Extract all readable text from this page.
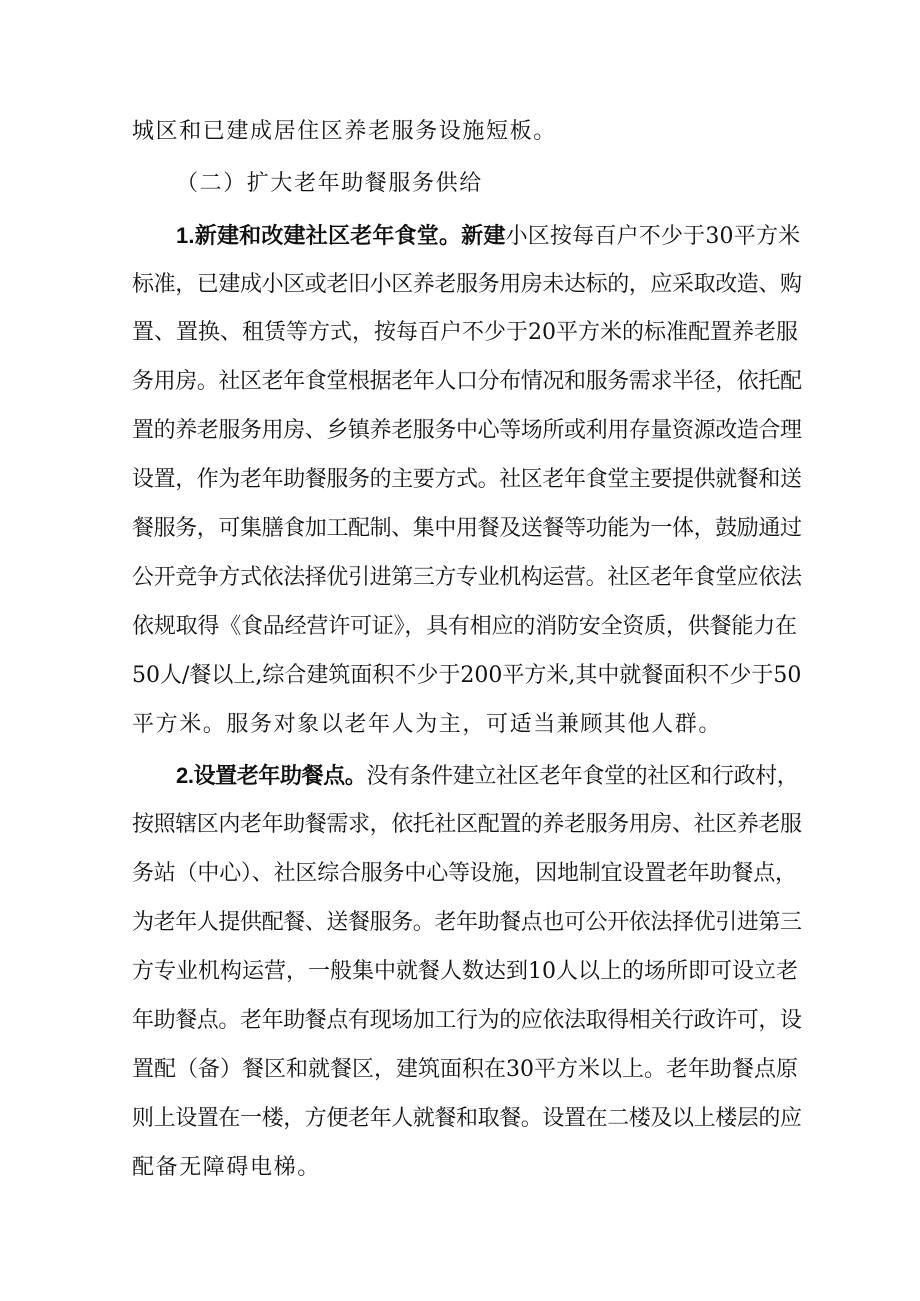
城区和已建成居住区养老服务设施短板。
（二）扩大老年助餐服务供给
1.新建和改建社区老年食堂。新建小区按每百户不少于30平方米
标准，已建成小区或老旧小区养老服务用房未达标的，应采取改造、购
置、置换、租赁等方式，按每百户不少于20平方米的标准配置养老服
务用房。社区老年食堂根据老年人口分布情况和服务需求半径，依托配
置的养老服务用房、乡镇养老服务中心等场所或利用存量资源改造合理
设置，作为老年助餐服务的主要方式。社区老年食堂主要提供就餐和送
餐服务，可集膳食加工配制、集中用餐及送餐等功能为一体，鼓励通过
公开竞争方式依法择优引进第三方专业机构运营。社区老年食堂应依法
依规取得《食品经营许可证》，具有相应的消防安全资质，供餐能力在
50人/餐以上,综合建筑面积不少于200平方米,其中就餐面积不少于50
平方米。服务对象以老年人为主，可适当兼顾其他人群。
2.设置老年助餐点。没有条件建立社区老年食堂的社区和行政村，
按照辖区内老年助餐需求，依托社区配置的养老服务用房、社区养老服
务站（中心）、社区综合服务中心等设施，因地制宜设置老年助餐点，
为老年人提供配餐、送餐服务。老年助餐点也可公开依法择优引进第三
方专业机构运营，一般集中就餐人数达到10人以上的场所即可设立老
年助餐点。老年助餐点有现场加工行为的应依法取得相关行政许可，设
置配（备）餐区和就餐区，建筑面积在30平方米以上。老年助餐点原
则上设置在一楼，方便老年人就餐和取餐。设置在二楼及以上楼层的应
配备无障碍电梯。
